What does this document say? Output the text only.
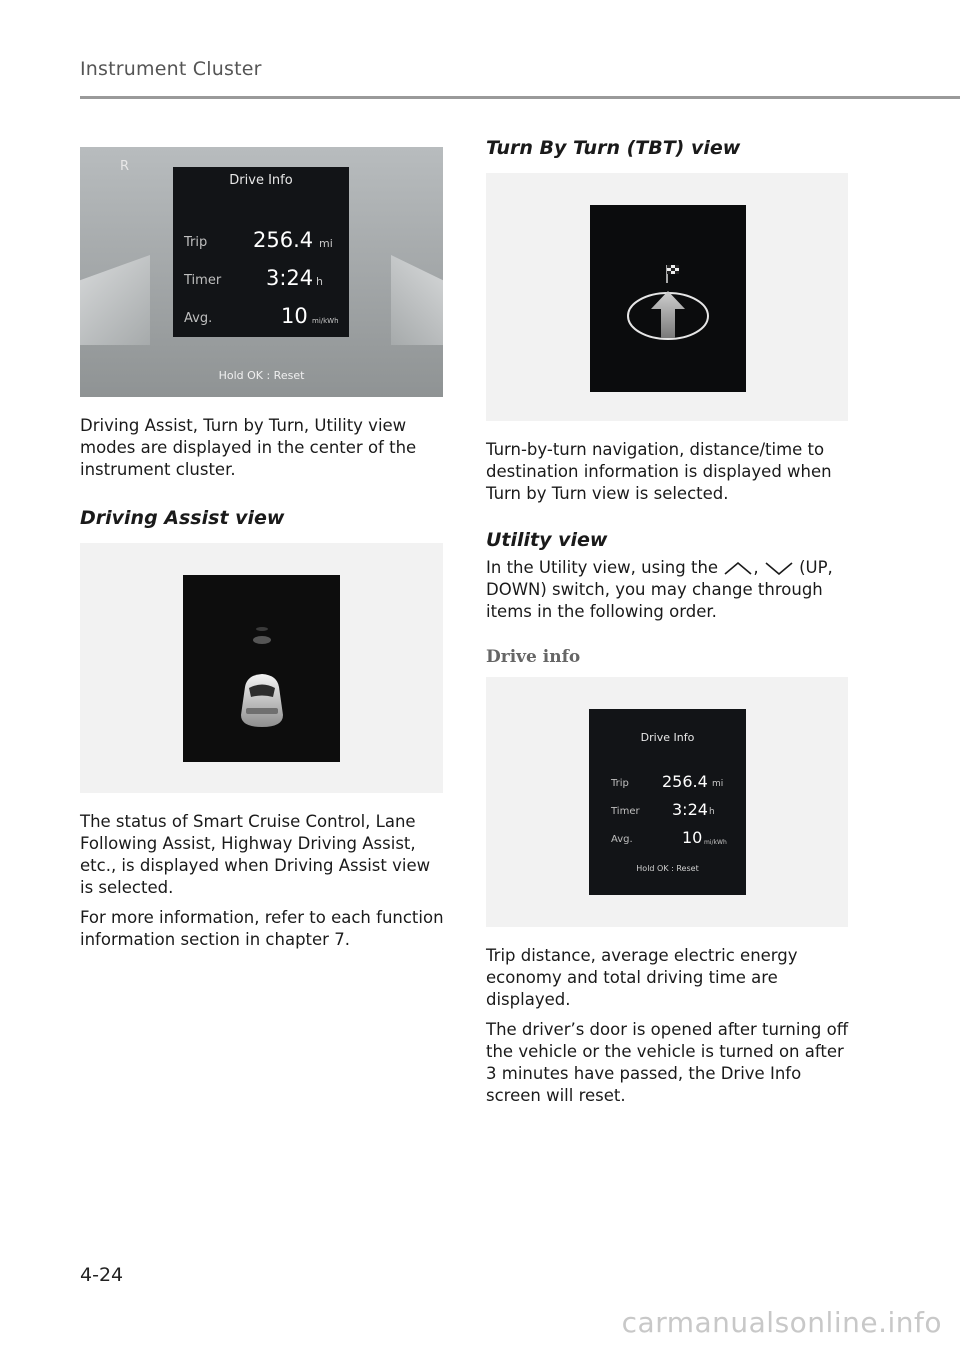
Instrument Cluster
R
Drive Info
Trip 256.4 mi
Timer 3:24 h
Avg.	10 mi/kWh
Hold OK : Reset

Driving Assist, Turn by Turn, Utility view modes are displayed in the center of the instrument cluster.

Driving Assist view

The status of Smart Cruise Control, Lane Following Assist, Highway Driving Assist, etc., is displayed when Driving Assist view is selected.

For more information, refer to each function information section in chapter 7.

Turn By Turn (TBT) view

Turn-by-turn navigation, distance/time to destination information is displayed when Turn by Turn view is selected.

Utility view

In the Utility view, using the , (UP, DOWN) switch, you may change through items in the following order.

Drive info

Drive Info
Trip 256.4 mi
Timer 3:24 h
Avg.	10 mi/kWh
Hold OK : Reset

Trip distance, average electric energy economy and total driving time are displayed.

The driver’s door is opened after turning off the vehicle or the vehicle is turned on after 3 minutes have passed, the Drive Info screen will reset.

4-24
carmanualsonline.info
